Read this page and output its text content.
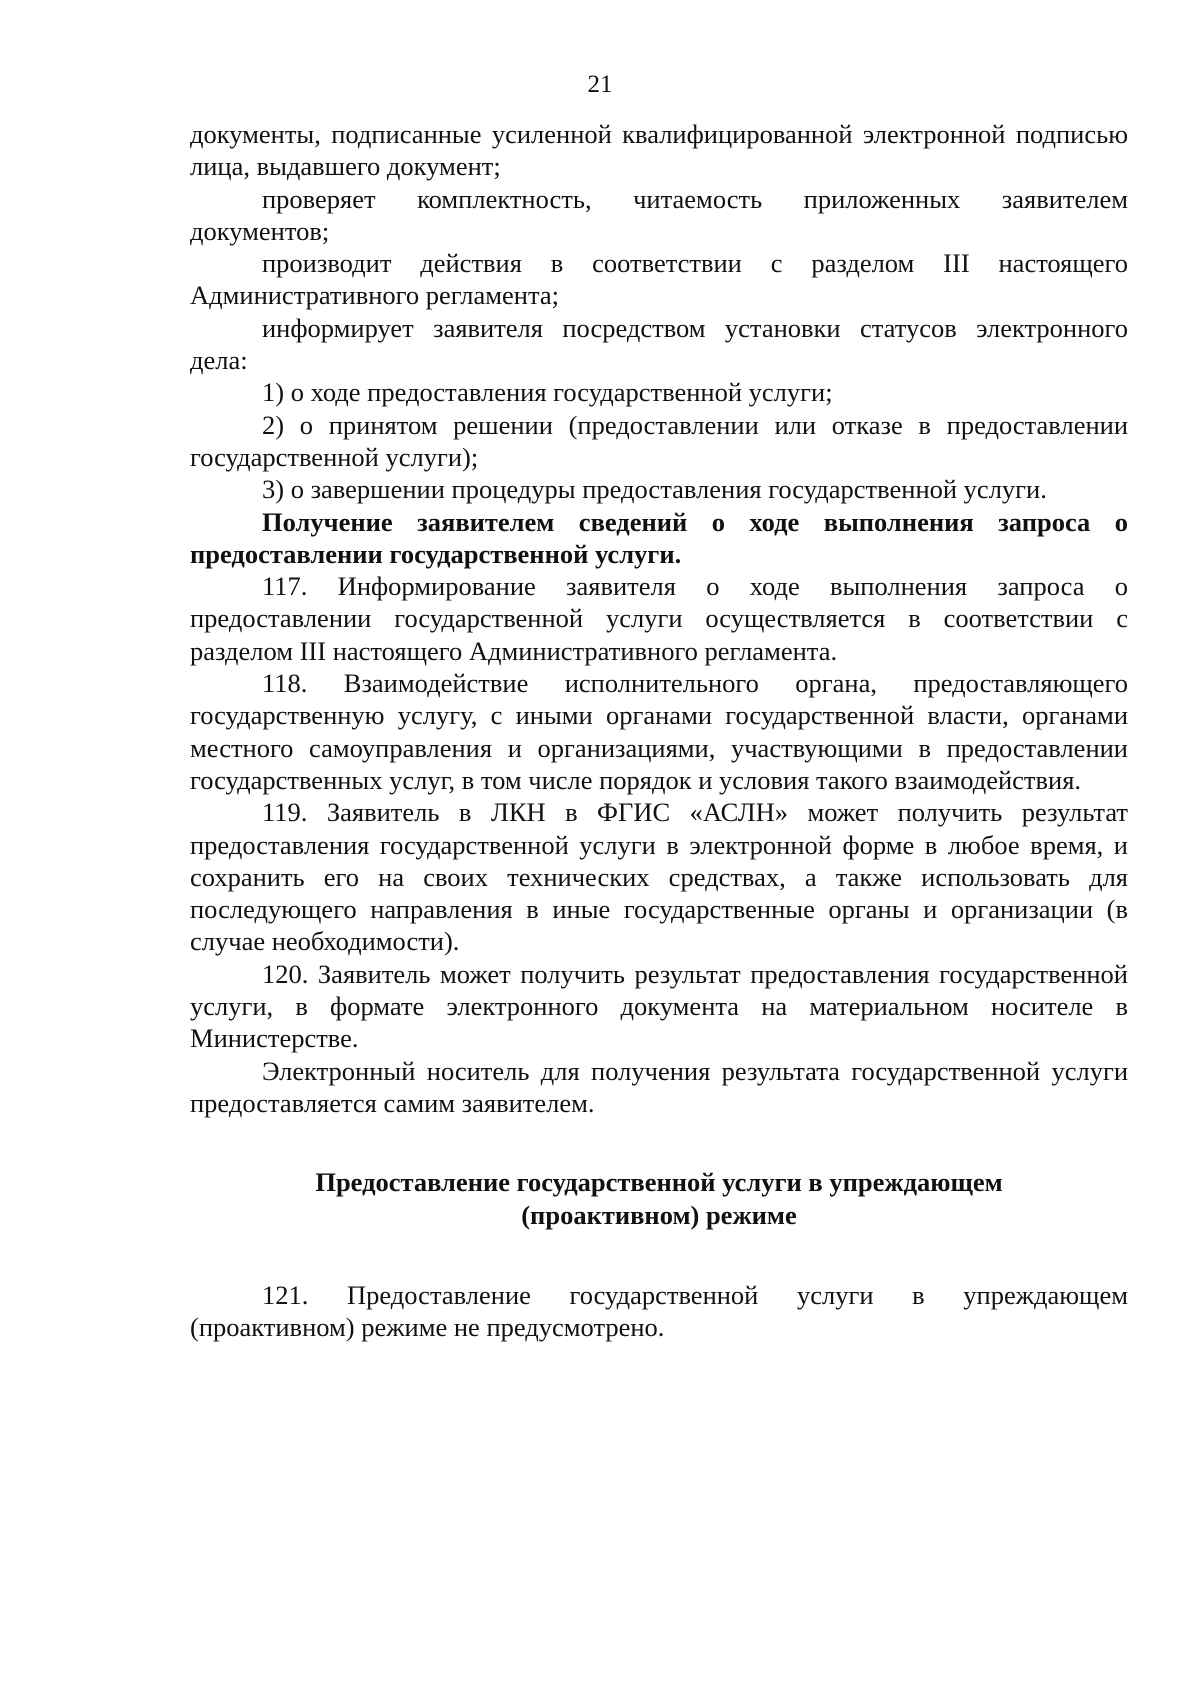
21

документы, подписанные усиленной квалифицированной электронной подписью лица, выдавшего документ;

проверяет комплектность, читаемость приложенных заявителем документов;

производит действия в соответствии с разделом III настоящего Административного регламента;

информирует заявителя посредством установки статусов электронного дела:

1) о ходе предоставления государственной услуги;

2) о принятом решении (предоставлении или отказе в предоставлении государственной услуги);

3) о завершении процедуры предоставления государственной услуги.

Получение заявителем сведений о ходе выполнения запроса о предоставлении государственной услуги.

117. Информирование заявителя о ходе выполнения запроса о предоставлении государственной услуги осуществляется в соответствии с разделом III настоящего Административного регламента.

118. Взаимодействие исполнительного органа, предоставляющего государственную услугу, с иными органами государственной власти, органами местного самоуправления и организациями, участвующими в предоставлении государственных услуг, в том числе порядок и условия такого взаимодействия.

119. Заявитель в ЛКН в ФГИС «АСЛН» может получить результат предоставления государственной услуги в электронной форме в любое время, и сохранить его на своих технических средствах, а также использовать для последующего направления в иные государственные органы и организации (в случае необходимости).

120. Заявитель может получить результат предоставления государственной услуги, в формате электронного документа на материальном носителе в Министерстве.

Электронный носитель для получения результата государственной услуги предоставляется самим заявителем.

Предоставление государственной услуги в упреждающем (проактивном) режиме

121. Предоставление государственной услуги в упреждающем (проактивном) режиме не предусмотрено.
